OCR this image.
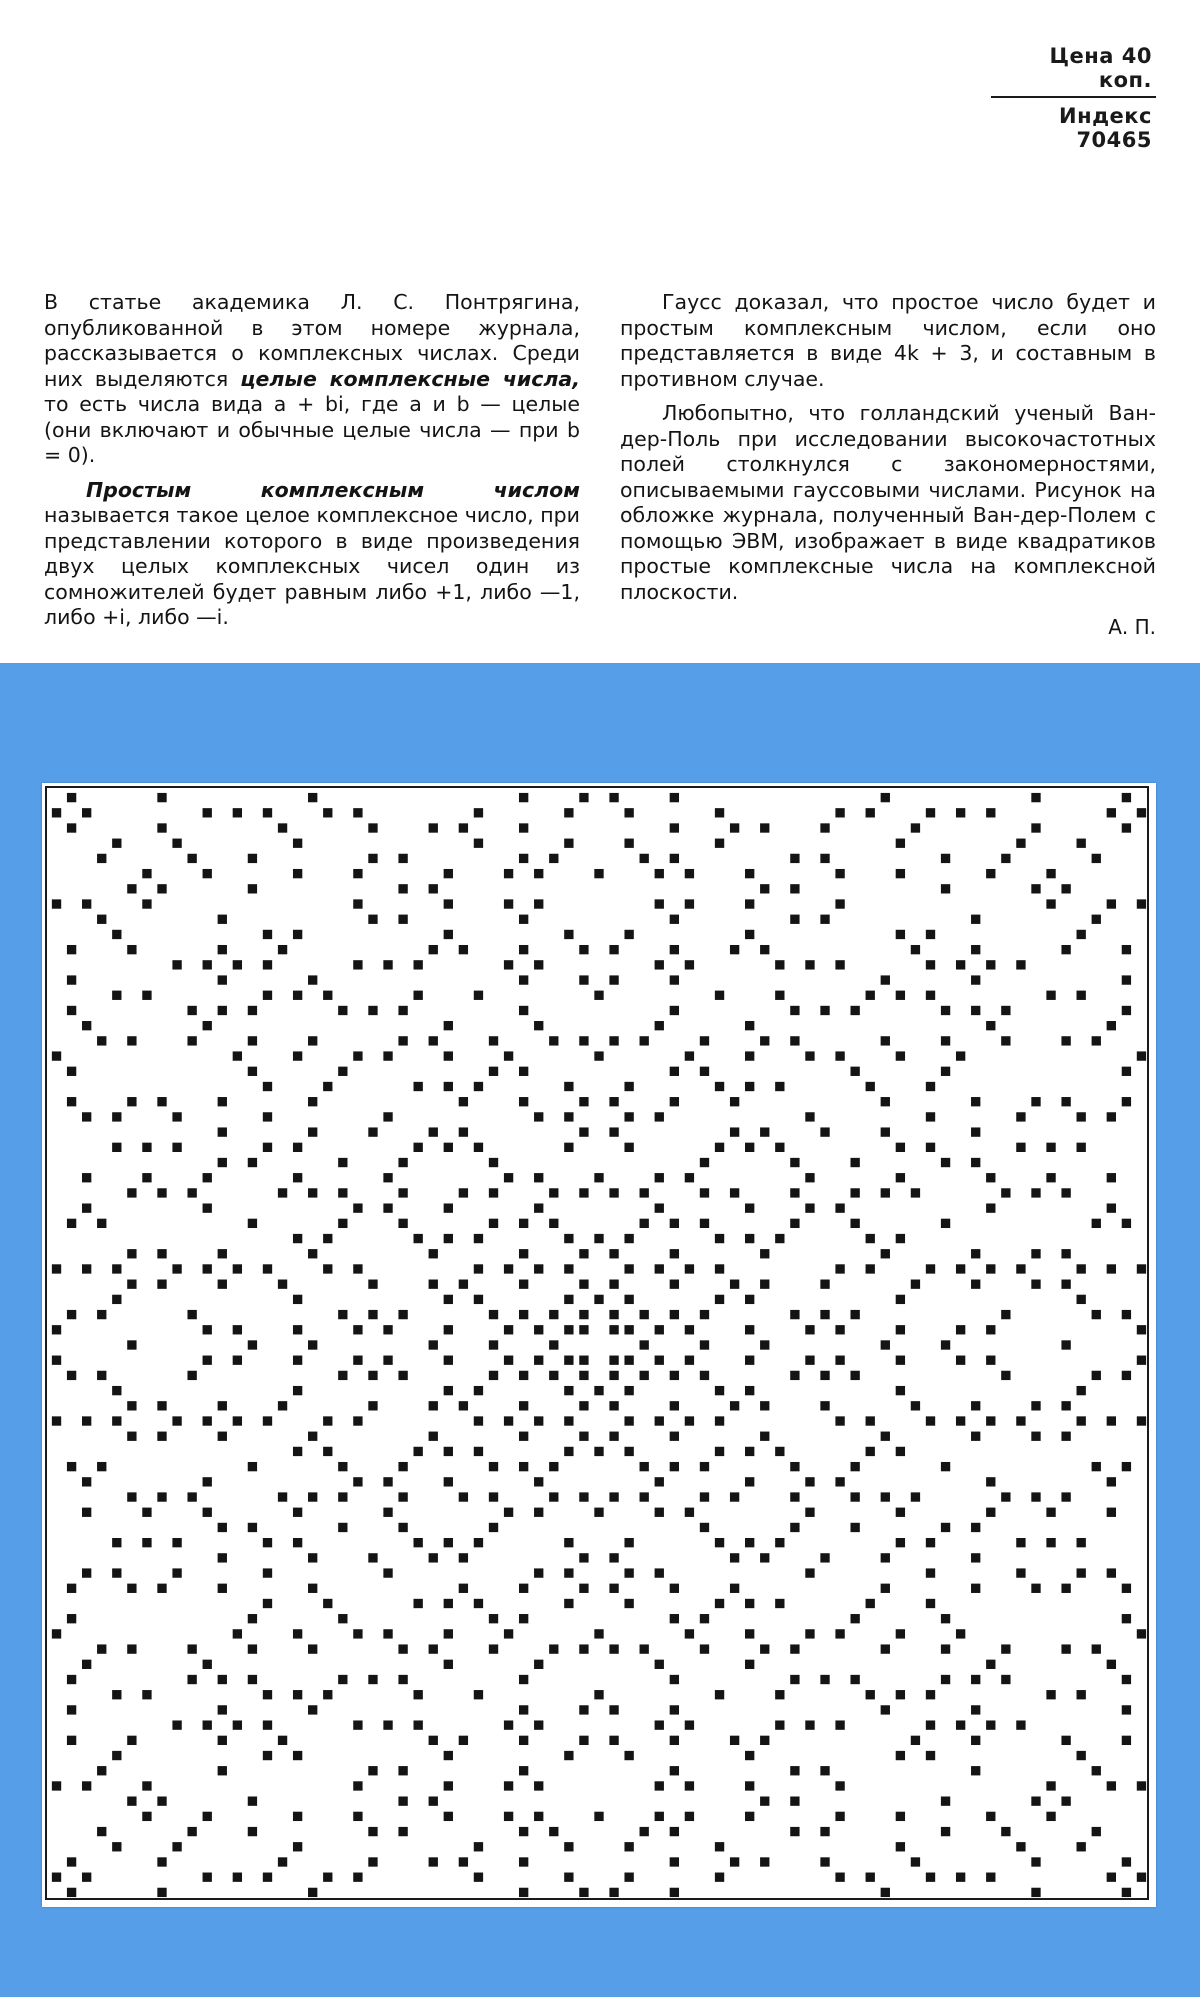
Цена 40 коп.
Индекс 70465

В статье академика Л. С. Понтрягина, опубликованной в этом номере журнала, рассказывается о комплексных числах. Среди них выделяются целые комплексные числа, то есть числа вида a + bi, где a и b — целые (они включают и обычные целые числа — при b = 0).

Простым комплексным числом называется такое целое комплексное число, при представлении которого в виде произведения двух целых комплексных чисел один из сомножителей будет равным либо +1, либо —1, либо +i, либо —i.

Гаусс доказал, что простое число будет и простым комплексным числом, если оно представляется в виде 4k + 3, и составным в противном случае.

Любопытно, что голландский ученый Ван-дер-Поль при исследовании высокочастотных полей столкнулся с закономерностями, описываемыми гауссовыми числами. Рисунок на обложке журнала, полученный Ван-дер-Полем с помощью ЭВМ, изображает в виде квадратиков простые комплексные числа на комплексной плоскости.

А. П.
